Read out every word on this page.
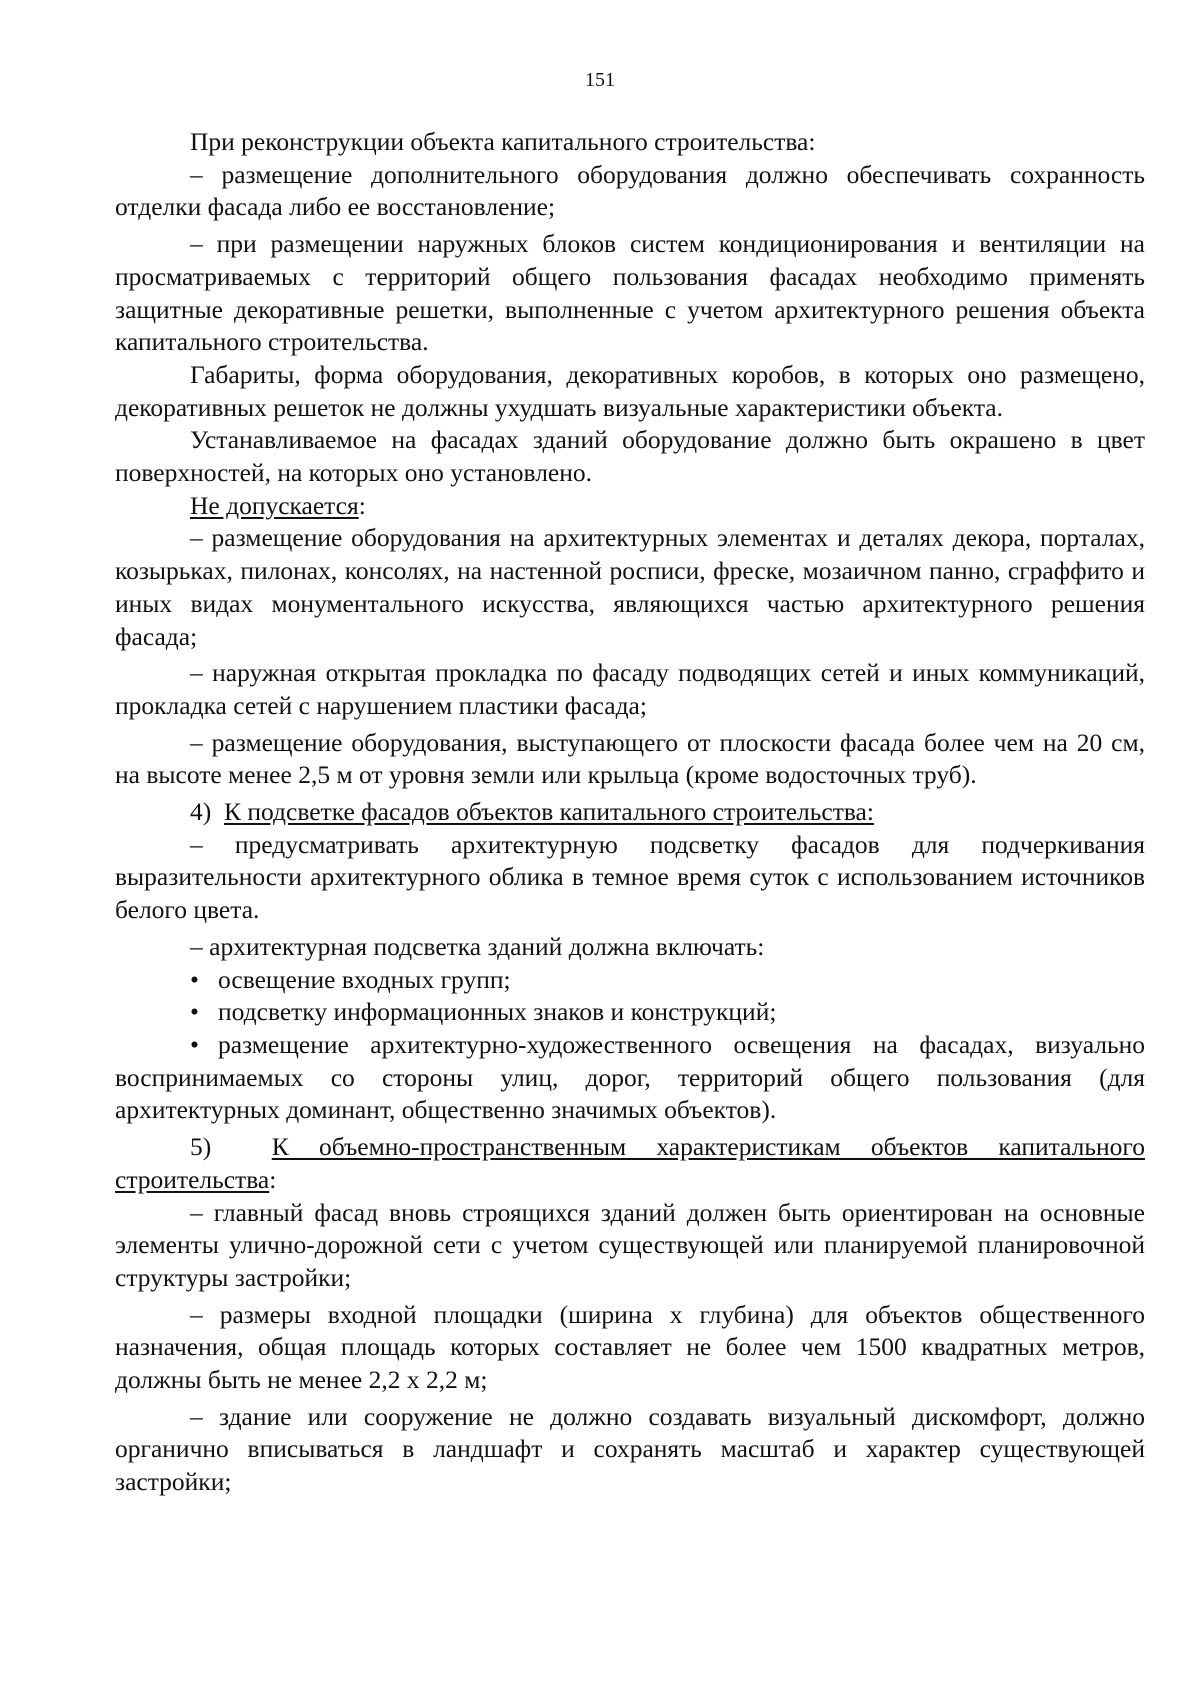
151

При реконструкции объекта капитального строительства:

– размещение дополнительного оборудования должно обеспечивать сохранность отделки фасада либо ее восстановление;

– при размещении наружных блоков систем кондиционирования и вентиляции на просматриваемых с территорий общего пользования фасадах необходимо применять защитные декоративные решетки, выполненные с учетом архитектурного решения объекта капитального строительства.

Габариты, форма оборудования, декоративных коробов, в которых оно размещено, декоративных решеток не должны ухудшать визуальные характеристики объекта.

Устанавливаемое на фасадах зданий оборудование должно быть окрашено в цвет поверхностей, на которых оно установлено.

Не допускается:

– размещение оборудования на архитектурных элементах и деталях декора, порталах, козырьках, пилонах, консолях, на настенной росписи, фреске, мозаичном панно, сграффито и иных видах монументального искусства, являющихся частью архитектурного решения фасада;

– наружная открытая прокладка по фасаду подводящих сетей и иных коммуникаций, прокладка сетей с нарушением пластики фасада;

– размещение оборудования, выступающего от плоскости фасада более чем на 20 см, на высоте менее 2,5 м от уровня земли или крыльца (кроме водосточных труб).

4) К подсветке фасадов объектов капитального строительства:

– предусматривать архитектурную подсветку фасадов для подчеркивания выразительности архитектурного облика в темное время суток с использованием источников белого цвета.

– архитектурная подсветка зданий должна включать:

• освещение входных групп;

• подсветку информационных знаков и конструкций;

• размещение архитектурно-художественного освещения на фасадах, визуально воспринимаемых со стороны улиц, дорог, территорий общего пользования (для архитектурных доминант, общественно значимых объектов).

5) К объемно-пространственным характеристикам объектов капитального строительства:

– главный фасад вновь строящихся зданий должен быть ориентирован на основные элементы улично-дорожной сети с учетом существующей или планируемой планировочной структуры застройки;

– размеры входной площадки (ширина х глубина) для объектов общественного назначения, общая площадь которых составляет не более чем 1500 квадратных метров, должны быть не менее 2,2 х 2,2 м;

– здание или сооружение не должно создавать визуальный дискомфорт, должно органично вписываться в ландшафт и сохранять масштаб и характер существующей застройки;
